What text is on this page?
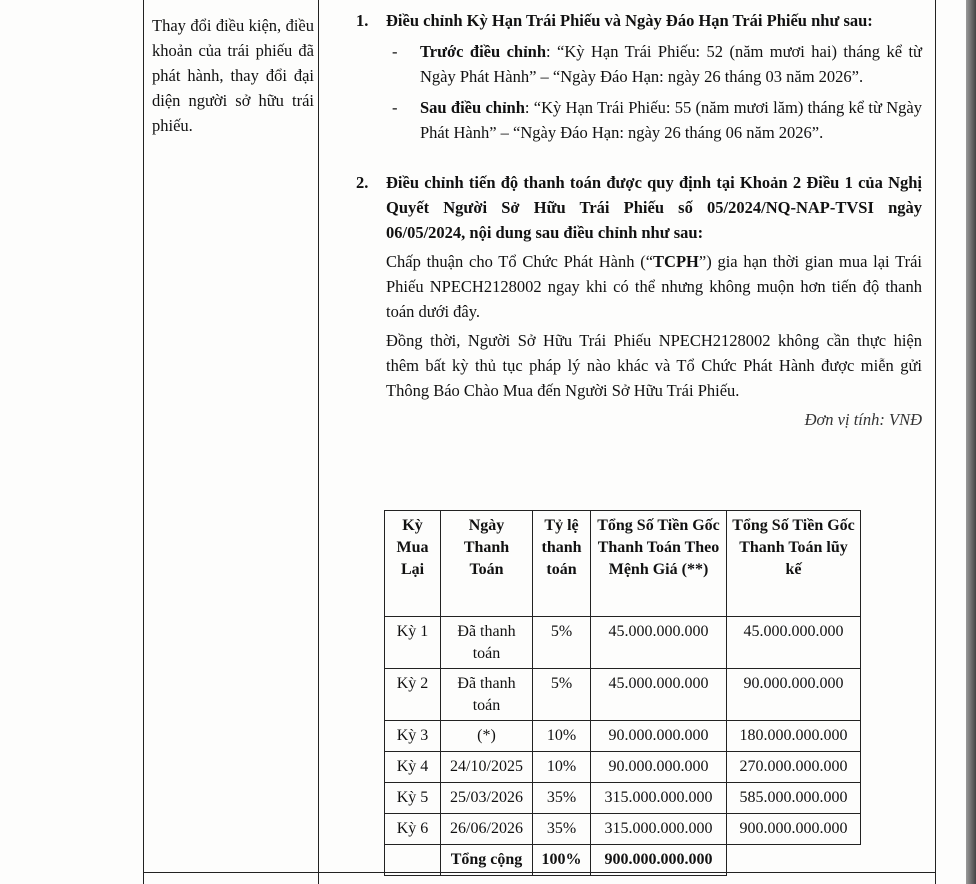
Thay đổi điều kiện, điều khoản của trái phiếu đã phát hành, thay đổi đại diện người sở hữu trái phiếu.

1. Điều chỉnh Kỳ Hạn Trái Phiếu và Ngày Đáo Hạn Trái Phiếu như sau:
- Trước điều chỉnh: “Kỳ Hạn Trái Phiếu: 52 (năm mươi hai) tháng kể từ Ngày Phát Hành” – “Ngày Đáo Hạn: ngày 26 tháng 03 năm 2026”.
- Sau điều chỉnh: “Kỳ Hạn Trái Phiếu: 55 (năm mươi lăm) tháng kể từ Ngày Phát Hành” – “Ngày Đáo Hạn: ngày 26 tháng 06 năm 2026”.
2. Điều chỉnh tiến độ thanh toán được quy định tại Khoản 2 Điều 1 của Nghị Quyết Người Sở Hữu Trái Phiếu số 05/2024/NQ-NAP-TVSI ngày 06/05/2024, nội dung sau điều chỉnh như sau:
Chấp thuận cho Tổ Chức Phát Hành (“TCPH”) gia hạn thời gian mua lại Trái Phiếu NPECH2128002 ngay khi có thể nhưng không muộn hơn tiến độ thanh toán dưới đây.
Đồng thời, Người Sở Hữu Trái Phiếu NPECH2128002 không cần thực hiện thêm bất kỳ thủ tục pháp lý nào khác và Tổ Chức Phát Hành được miễn gửi Thông Báo Chào Mua đến Người Sở Hữu Trái Phiếu.
Đơn vị tính: VNĐ
Kỳ Mua Lại	Ngày Thanh Toán	Tỷ lệ thanh toán	Tổng Số Tiền Gốc Thanh Toán Theo Mệnh Giá (**)	Tổng Số Tiền Gốc Thanh Toán lũy kế
Kỳ 1	Đã thanh toán	5%	45.000.000.000	45.000.000.000
Kỳ 2	Đã thanh toán	5%	45.000.000.000	90.000.000.000
Kỳ 3	(*)	10%	90.000.000.000	180.000.000.000
Kỳ 4	24/10/2025	10%	90.000.000.000	270.000.000.000
Kỳ 5	25/03/2026	35%	315.000.000.000	585.000.000.000
Kỳ 6	26/06/2026	35%	315.000.000.000	900.000.000.000
	Tổng cộng	100%	900.000.000.000	
